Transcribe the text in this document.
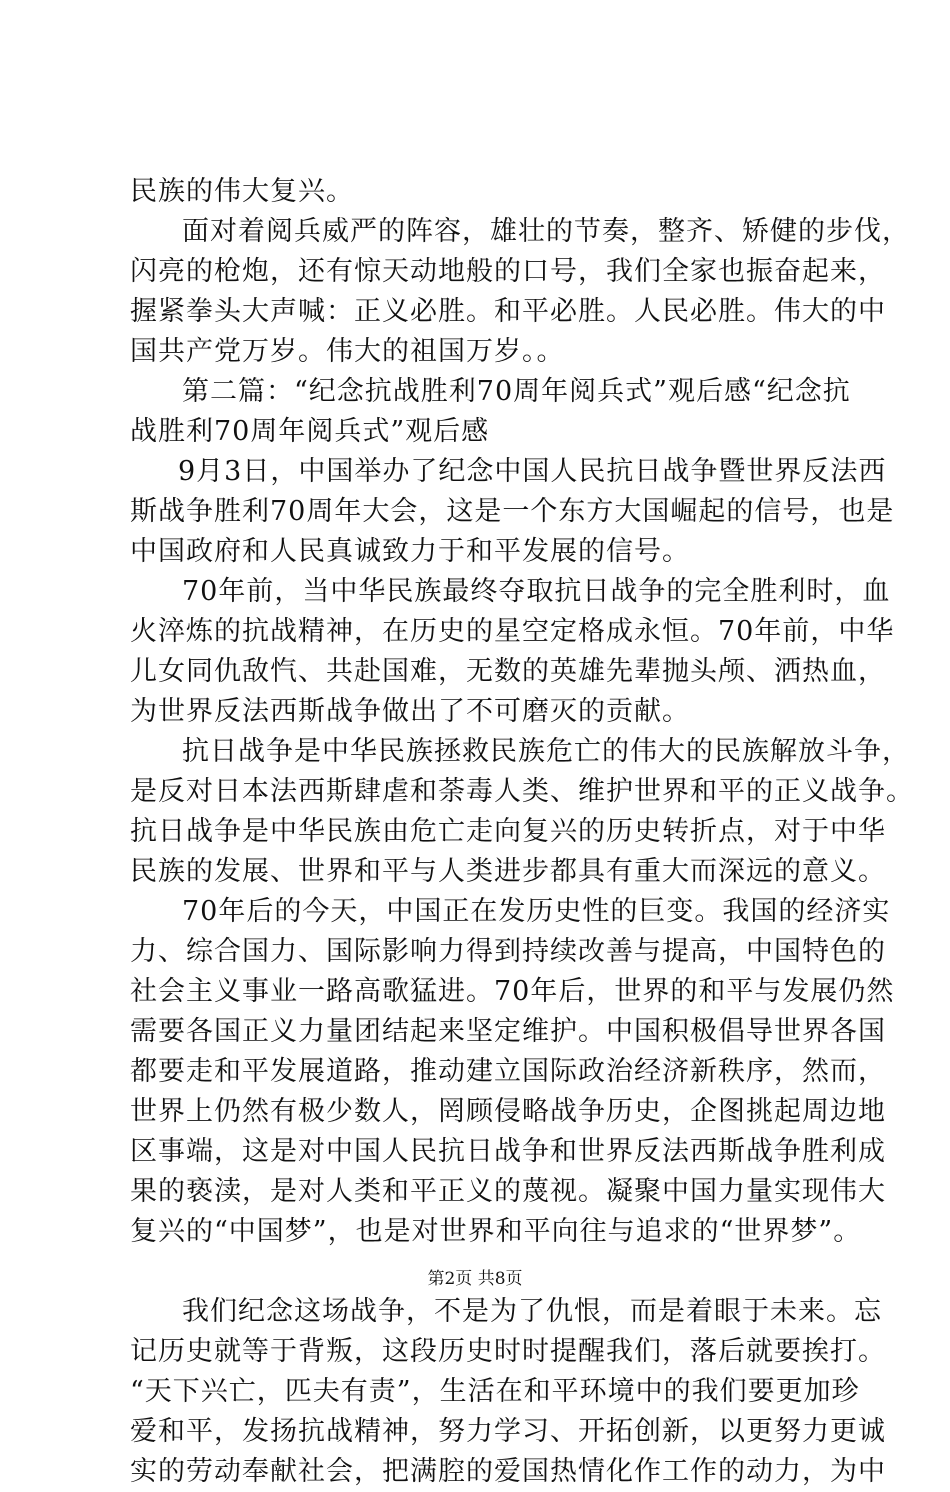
民族的伟大复兴。
面对着阅兵威严的阵容，雄壮的节奏，整齐、矫健的步伐，
闪亮的枪炮，还有惊天动地般的口号，我们全家也振奋起来，
握紧拳头大声喊：正义必胜。和平必胜。人民必胜。伟大的中
国共产党万岁。伟大的祖国万岁。。
第二篇：“纪念抗战胜利70周年阅兵式”观后感“纪念抗
战胜利70周年阅兵式”观后感
9月3日，中国举办了纪念中国人民抗日战争暨世界反法西
斯战争胜利70周年大会，这是一个东方大国崛起的信号，也是
中国政府和人民真诚致力于和平发展的信号。
70年前，当中华民族最终夺取抗日战争的完全胜利时，血
火淬炼的抗战精神，在历史的星空定格成永恒。70年前，中华
儿女同仇敌忾、共赴国难，无数的英雄先辈抛头颅、洒热血，
为世界反法西斯战争做出了不可磨灭的贡献。
抗日战争是中华民族拯救民族危亡的伟大的民族解放斗争，
是反对日本法西斯肆虐和荼毒人类、维护世界和平的正义战争。
抗日战争是中华民族由危亡走向复兴的历史转折点，对于中华
民族的发展、世界和平与人类进步都具有重大而深远的意义。
70年后的今天，中国正在发历史性的巨变。我国的经济实
力、综合国力、国际影响力得到持续改善与提高，中国特色的
社会主义事业一路高歌猛进。70年后，世界的和平与发展仍然
需要各国正义力量团结起来坚定维护。中国积极倡导世界各国
都要走和平发展道路，推动建立国际政治经济新秩序，然而，
世界上仍然有极少数人，罔顾侵略战争历史，企图挑起周边地
区事端，这是对中国人民抗日战争和世界反法西斯战争胜利成
果的亵渎，是对人类和平正义的蔑视。凝聚中国力量实现伟大
复兴的“中国梦”，也是对世界和平向往与追求的“世界梦”。
我们纪念这场战争，不是为了仇恨，而是着眼于未来。忘
记历史就等于背叛，这段历史时时提醒我们，落后就要挨打。
“天下兴亡，匹夫有责”，生活在和平环境中的我们要更加珍
爱和平，发扬抗战精神，努力学习、开拓创新，以更努力更诚
实的劳动奉献社会，把满腔的爱国热情化作工作的动力，为中
第2页 共8页
